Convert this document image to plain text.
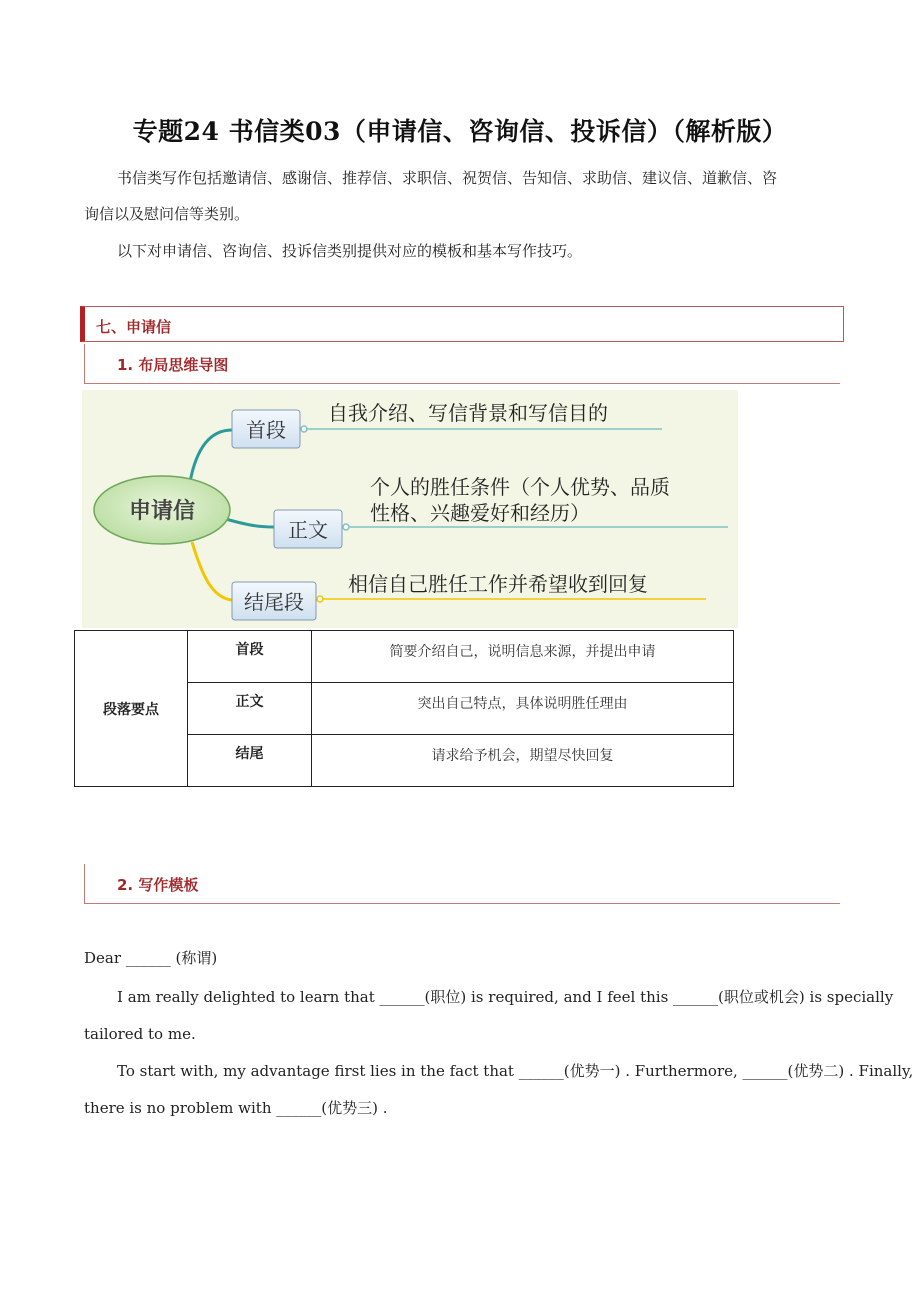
专题24 书信类03（申请信、咨询信、投诉信）（解析版）
书信类写作包括邀请信、感谢信、推荐信、求职信、祝贺信、告知信、求助信、建议信、道歉信、咨
询信以及慰问信等类别。
以下对申请信、咨询信、投诉信类别提供对应的模板和基本写作技巧。
七、申请信
1. 布局思维导图
申请信
首段
自我介绍、写信背景和写信目的
正文
个人的胜任条件（个人优势、品质
性格、兴趣爱好和经历）
结尾段
相信自己胜任工作并希望收到回复
段落要点	首段	简要介绍自己，说明信息来源，并提出申请
	正文	突出自己特点，具体说明胜任理由
	结尾	请求给予机会，期望尽快回复
2. 写作模板
Dear ______ (称谓)
I am really delighted to learn that ______(职位) is required, and I feel this ______(职位或机会) is specially
tailored to me.
To start with, my advantage first lies in the fact that ______(优势一) . Furthermore, ______(优势二) . Finally,
there is no problem with ______(优势三) .
